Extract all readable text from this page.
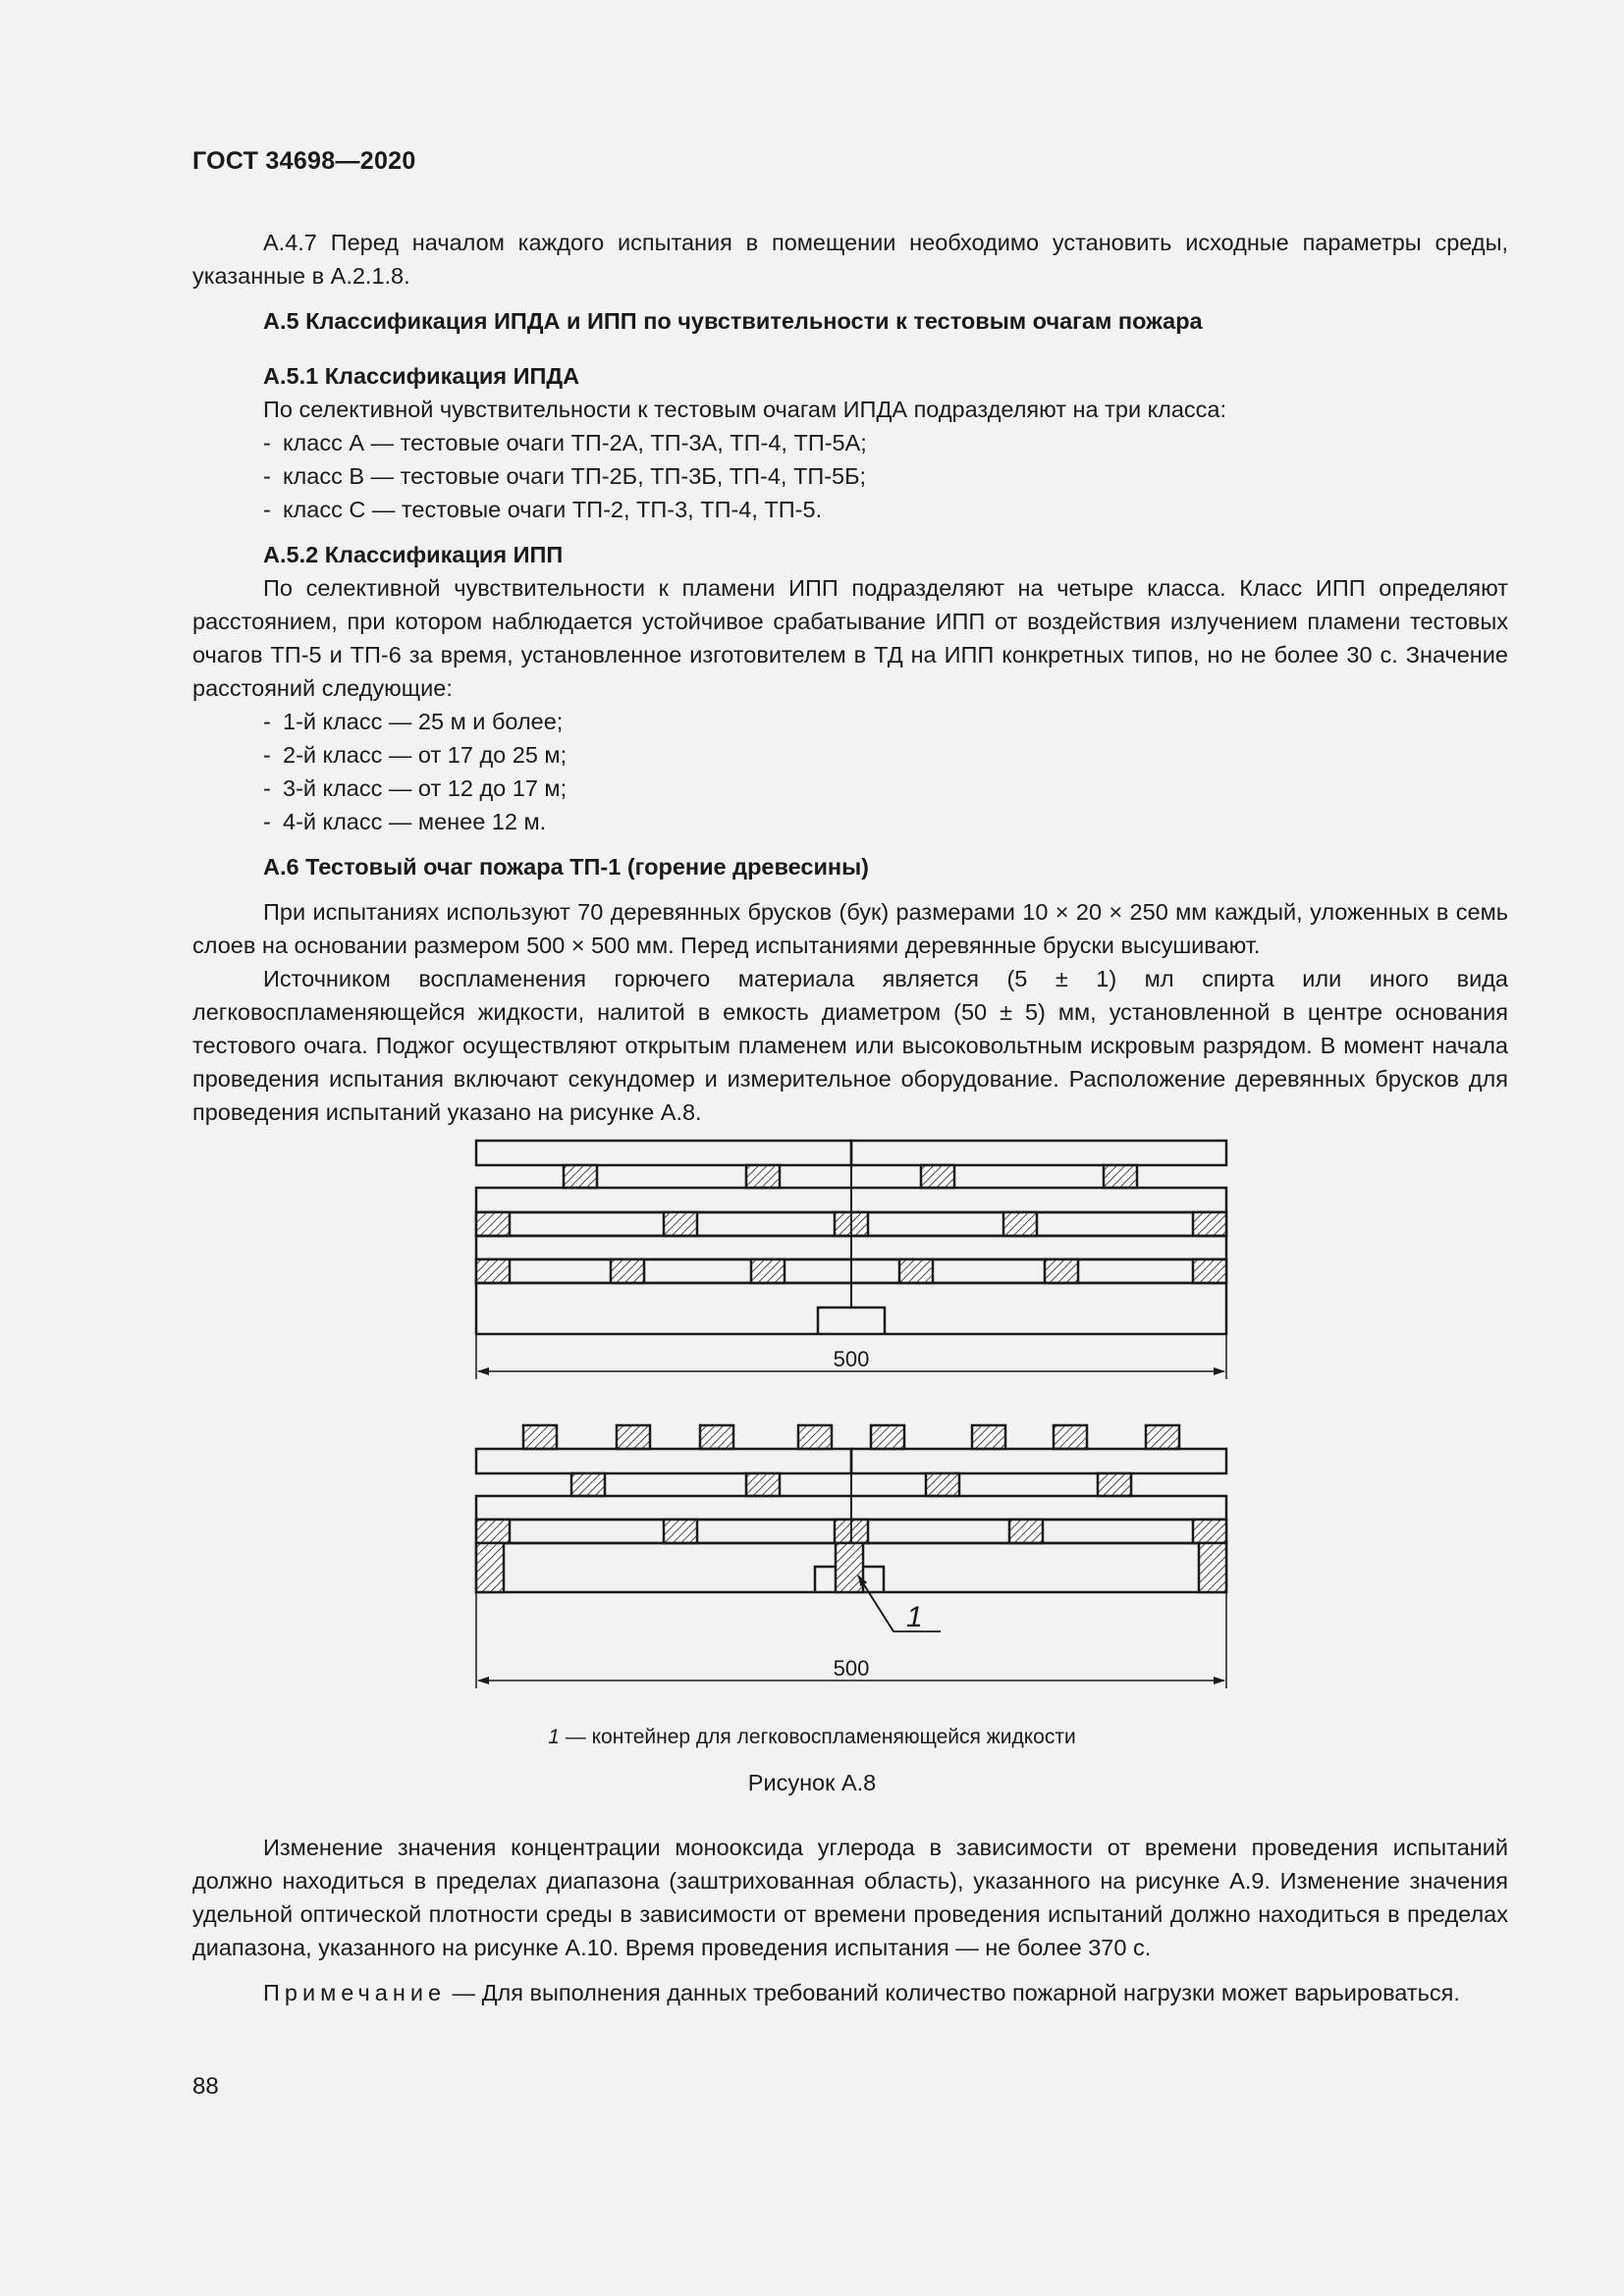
ГОСТ 34698—2020

А.4.7 Перед началом каждого испытания в помещении необходимо установить исходные параметры среды, указанные в А.2.1.8.

А.5 Классификация ИПДА и ИПП по чувствительности к тестовым очагам пожара

А.5.1 Классификация ИПДА

По селективной чувствительности к тестовым очагам ИПДА подразделяют на три класса:

- класс А — тестовые очаги ТП-2А, ТП-3А, ТП-4, ТП-5А;

- класс В — тестовые очаги ТП-2Б, ТП-3Б, ТП-4, ТП-5Б;

- класс С — тестовые очаги ТП-2, ТП-3, ТП-4, ТП-5.

А.5.2 Классификация ИПП

По селективной чувствительности к пламени ИПП подразделяют на четыре класса. Класс ИПП определяют расстоянием, при котором наблюдается устойчивое срабатывание ИПП от воздействия излучением пламени тестовых очагов ТП-5 и ТП-6 за время, установленное изготовителем в ТД на ИПП конкретных типов, но не более 30 с. Значение расстояний следующие:

- 1-й класс — 25 м и более;

- 2-й класс — от 17 до 25 м;

- 3-й класс — от 12 до 17 м;

- 4-й класс — менее 12 м.

А.6 Тестовый очаг пожара ТП-1 (горение древесины)

При испытаниях используют 70 деревянных брусков (бук) размерами 10 × 20 × 250 мм каждый, уложенных в семь слоев на основании размером 500 × 500 мм. Перед испытаниями деревянные бруски высушивают.

Источником воспламенения горючего материала является (5 ± 1) мл спирта или иного вида легковоспламеняющейся жидкости, налитой в емкость диаметром (50 ± 5) мм, установленной в центре основания тестового очага. Поджог осуществляют открытым пламенем или высоковольтным искровым разрядом. В момент начала проведения испытания включают секундомер и измерительное оборудование. Расположение деревянных брусков для проведения испытаний указано на рисунке А.8.

500
1
500
1 — контейнер для легковоспламеняющейся жидкости
Рисунок А.8

Изменение значения концентрации монооксида углерода в зависимости от времени проведения испытаний должно находиться в пределах диапазона (заштрихованная область), указанного на рисунке А.9. Изменение значения удельной оптической плотности среды в зависимости от времени проведения испытаний должно находиться в пределах диапазона, указанного на рисунке А.10. Время проведения испытания — не более 370 с.

Примечание — Для выполнения данных требований количество пожарной нагрузки может варьироваться.

88
